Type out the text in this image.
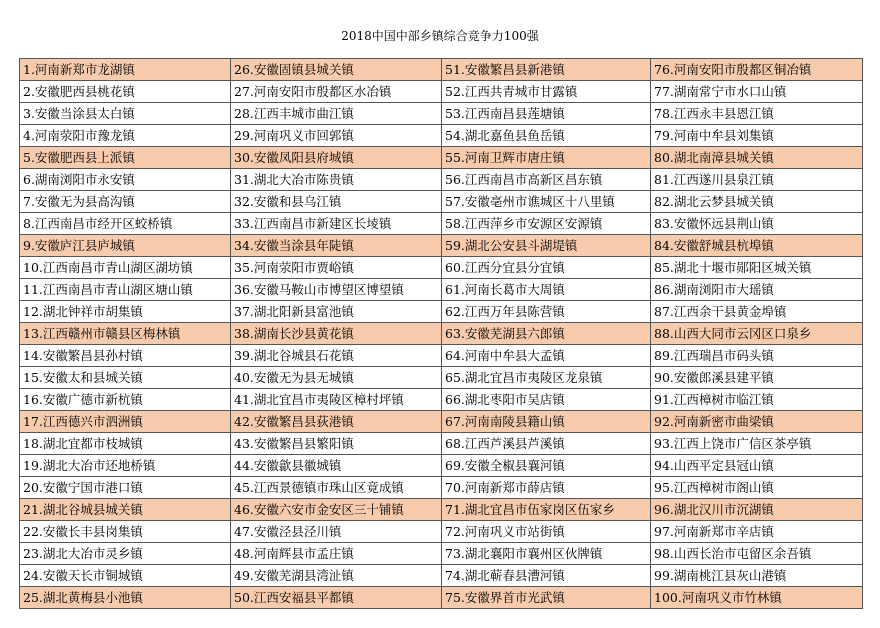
2018中国中部乡镇综合竞争力100强
1.河南新郑市龙湖镇	26.安徽固镇县城关镇	51.安徽繁昌县新港镇	76.河南安阳市殷都区铜冶镇
2.安徽肥西县桃花镇	27.河南安阳市殷都区水冶镇	52.江西共青城市甘露镇	77.湖南常宁市水口山镇
3.安徽当涂县太白镇	28.江西丰城市曲江镇	53.江西南昌县莲塘镇	78.江西永丰县恩江镇
4.河南荥阳市豫龙镇	29.河南巩义市回郭镇	54.湖北嘉鱼县鱼岳镇	79.河南中牟县刘集镇
5.安徽肥西县上派镇	30.安徽凤阳县府城镇	55.河南卫辉市唐庄镇	80.湖北南漳县城关镇
6.湖南浏阳市永安镇	31.湖北大冶市陈贵镇	56.江西南昌市高新区昌东镇	81.江西遂川县泉江镇
7.安徽无为县高沟镇	32.安徽和县乌江镇	57.安徽亳州市谯城区十八里镇	82.湖北云梦县城关镇
8.江西南昌市经开区蛟桥镇	33.江西南昌市新建区长堎镇	58.江西萍乡市安源区安源镇	83.安徽怀远县荆山镇
9.安徽庐江县庐城镇	34.安徽当涂县年陡镇	59.湖北公安县斗湖堤镇	84.安徽舒城县杭埠镇
10.江西南昌市青山湖区湖坊镇	35.河南荥阳市贾峪镇	60.江西分宜县分宜镇	85.湖北十堰市郧阳区城关镇
11.江西南昌市青山湖区塘山镇	36.安徽马鞍山市博望区博望镇	61.河南长葛市大周镇	86.湖南浏阳市大瑶镇
12.湖北钟祥市胡集镇	37.湖北阳新县富池镇	62.江西万年县陈营镇	87.江西余干县黄金埠镇
13.江西赣州市赣县区梅林镇	38.湖南长沙县黄花镇	63.安徽芜湖县六郎镇	88.山西大同市云冈区口泉乡
14.安徽繁昌县孙村镇	39.湖北谷城县石花镇	64.河南中牟县大孟镇	89.江西瑞昌市码头镇
15.安徽太和县城关镇	40.安徽无为县无城镇	65.湖北宜昌市夷陵区龙泉镇	90.安徽郎溪县建平镇
16.安徽广德市新杭镇	41.湖北宜昌市夷陵区樟村坪镇	66.湖北枣阳市吴店镇	91.江西樟树市临江镇
17.江西德兴市泗洲镇	42.安徽繁昌县荻港镇	67.河南南陵县籍山镇	92.河南新密市曲梁镇
18.湖北宜都市枝城镇	43.安徽繁昌县繁阳镇	68.江西芦溪县芦溪镇	93.江西上饶市广信区茶亭镇
19.湖北大冶市还地桥镇	44.安徽歙县徽城镇	69.安徽全椒县襄河镇	94.山西平定县冠山镇
20.安徽宁国市港口镇	45.江西景德镇市珠山区竟成镇	70.河南新郑市薛店镇	95.江西樟树市阁山镇
21.湖北谷城县城关镇	46.安徽六安市金安区三十铺镇	71.湖北宜昌市伍家岗区伍家乡	96.湖北汉川市沉湖镇
22.安徽长丰县岗集镇	47.安徽泾县泾川镇	72.河南巩义市站街镇	97.河南新郑市辛店镇
23.湖北大冶市灵乡镇	48.河南辉县市孟庄镇	73.湖北襄阳市襄州区伙牌镇	98.山西长治市屯留区余吾镇
24.安徽天长市铜城镇	49.安徽芜湖县湾沚镇	74.湖北蕲春县漕河镇	99.湖南桃江县灰山港镇
25.湖北黄梅县小池镇	50.江西安福县平都镇	75.安徽界首市光武镇	100.河南巩义市竹林镇
